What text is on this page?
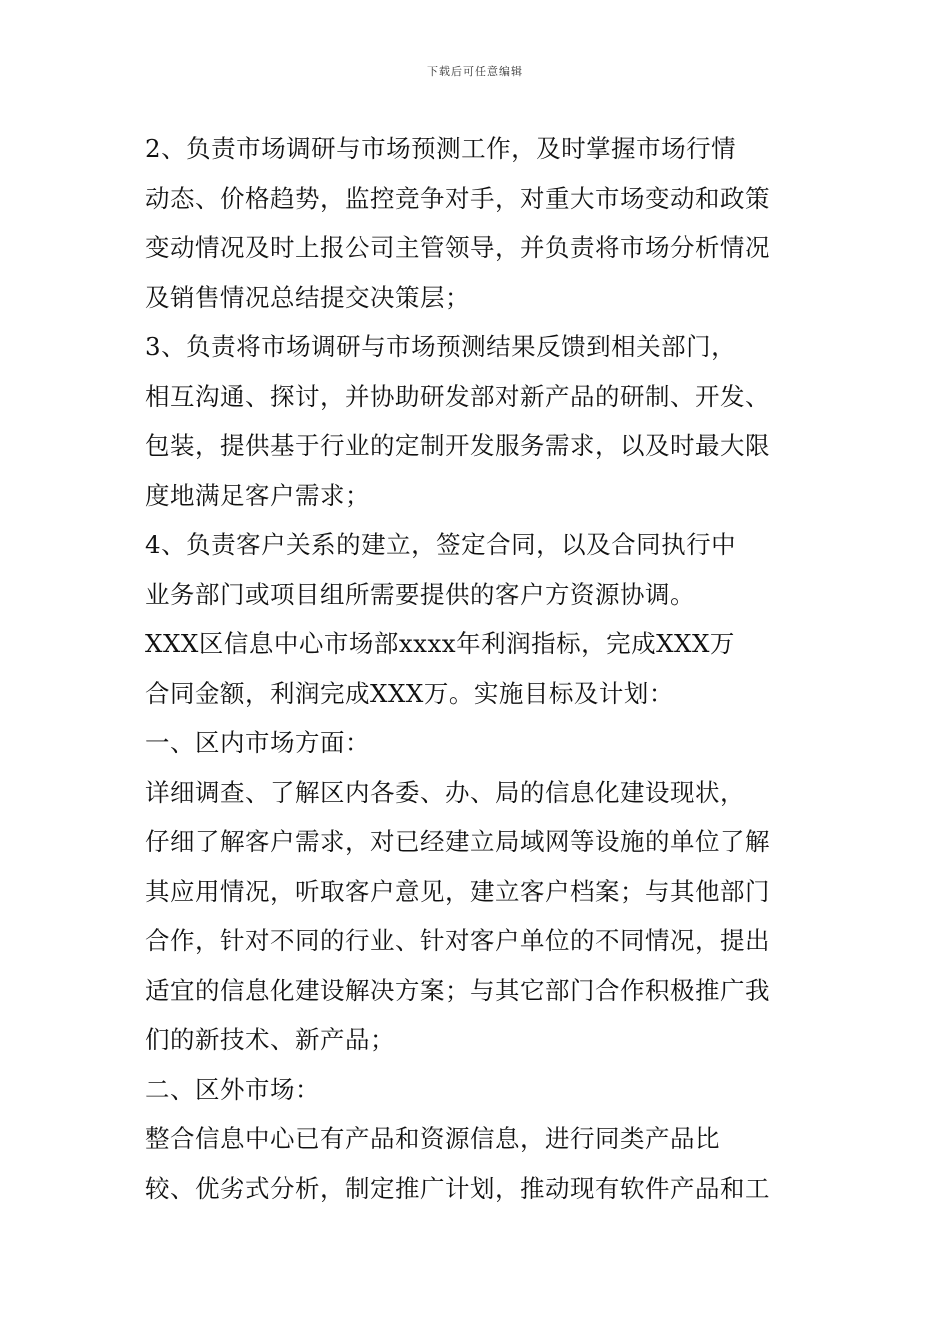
下载后可任意编辑
2、负责市场调研与市场预测工作，及时掌握市场行情
动态、价格趋势，监控竞争对手，对重大市场变动和政策
变动情况及时上报公司主管领导，并负责将市场分析情况
及销售情况总结提交决策层；
3、负责将市场调研与市场预测结果反馈到相关部门，
相互沟通、探讨，并协助研发部对新产品的研制、开发、
包装，提供基于行业的定制开发服务需求，以及时最大限
度地满足客户需求；
4、负责客户关系的建立，签定合同，以及合同执行中
业务部门或项目组所需要提供的客户方资源协调。
XXX区信息中心市场部xxxx年利润指标，完成XXX万
合同金额，利润完成XXX万。实施目标及计划：
一、区内市场方面：
详细调查、了解区内各委、办、局的信息化建设现状，
仔细了解客户需求，对已经建立局域网等设施的单位了解
其应用情况，听取客户意见，建立客户档案；与其他部门
合作，针对不同的行业、针对客户单位的不同情况，提出
适宜的信息化建设解决方案；与其它部门合作积极推广我
们的新技术、新产品；
二、区外市场：
整合信息中心已有产品和资源信息，进行同类产品比
较、优劣式分析，制定推广计划，推动现有软件产品和工
